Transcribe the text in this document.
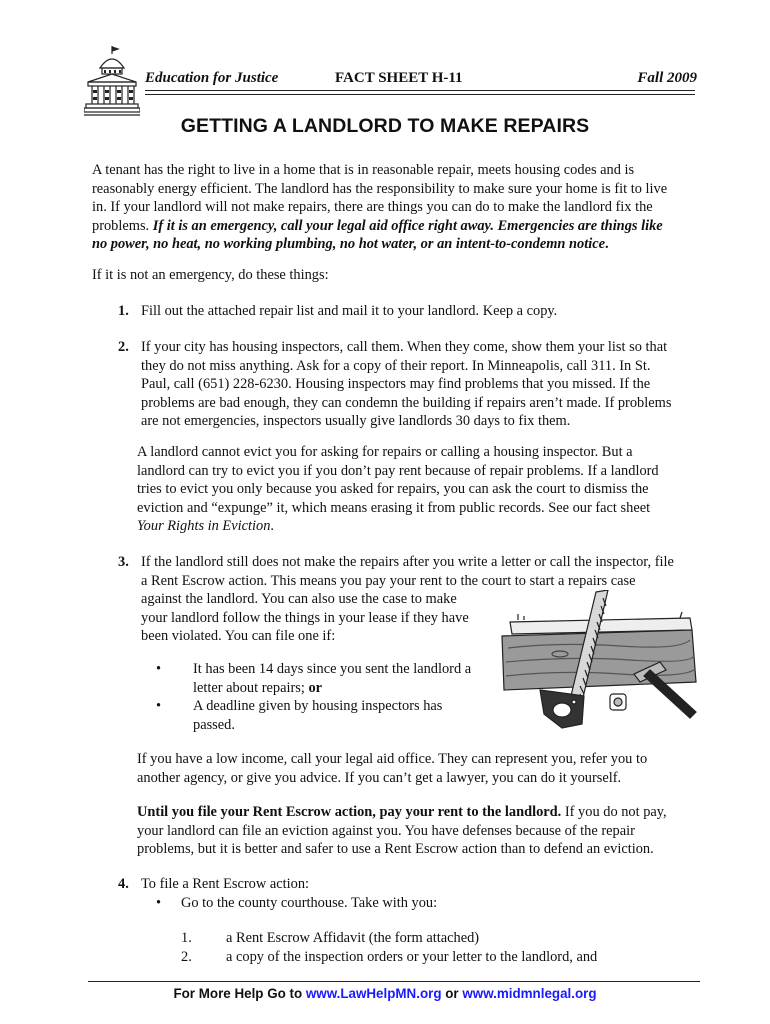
Education for Justice	FACT SHEET H-11	Fall 2009
GETTING A LANDLORD TO MAKE REPAIRS
A tenant has the right to live in a home that is in reasonable repair, meets housing codes and is
reasonably energy efficient. The landlord has the responsibility to make sure your home is fit to live
in. If your landlord will not make repairs, there are things you can do to make the landlord fix the
problems. If it is an emergency, call your legal aid office right away. Emergencies are things like
no power, no heat, no working plumbing, no hot water, or an intent-to-condemn notice.
If it is not an emergency, do these things:
1. Fill out the attached repair list and mail it to your landlord. Keep a copy.
2. If your city has housing inspectors, call them. When they come, show them your list so that
they do not miss anything. Ask for a copy of their report. In Minneapolis, call 311. In St.
Paul, call (651) 228-6230. Housing inspectors may find problems that you missed. If the
problems are bad enough, they can condemn the building if repairs aren’t made. If problems
are not emergencies, inspectors usually give landlords 30 days to fix them.
A landlord cannot evict you for asking for repairs or calling a housing inspector. But a
landlord can try to evict you if you don’t pay rent because of repair problems. If a landlord
tries to evict you only because you asked for repairs, you can ask the court to dismiss the
eviction and “expunge” it, which means erasing it from public records. See our fact sheet
Your Rights in Eviction.
3. If the landlord still does not make the repairs after you write a letter or call the inspector, file
a Rent Escrow action. This means you pay your rent to the court to start a repairs case
against the landlord. You can also use the case to make
your landlord follow the things in your lease if they have
been violated. You can file one if:
• It has been 14 days since you sent the landlord a
letter about repairs; or
• A deadline given by housing inspectors has
passed.
If you have a low income, call your legal aid office. They can represent you, refer you to
another agency, or give you advice. If you can’t get a lawyer, you can do it yourself.
Until you file your Rent Escrow action, pay your rent to the landlord. If you do not pay,
your landlord can file an eviction against you. You have defenses because of the repair
problems, but it is better and safer to use a Rent Escrow action than to defend an eviction.
4. To file a Rent Escrow action:
• Go to the county courthouse. Take with you:
1. a Rent Escrow Affidavit (the form attached)
2. a copy of the inspection orders or your letter to the landlord, and
For More Help Go to www.LawHelpMN.org or www.midmnlegal.org
